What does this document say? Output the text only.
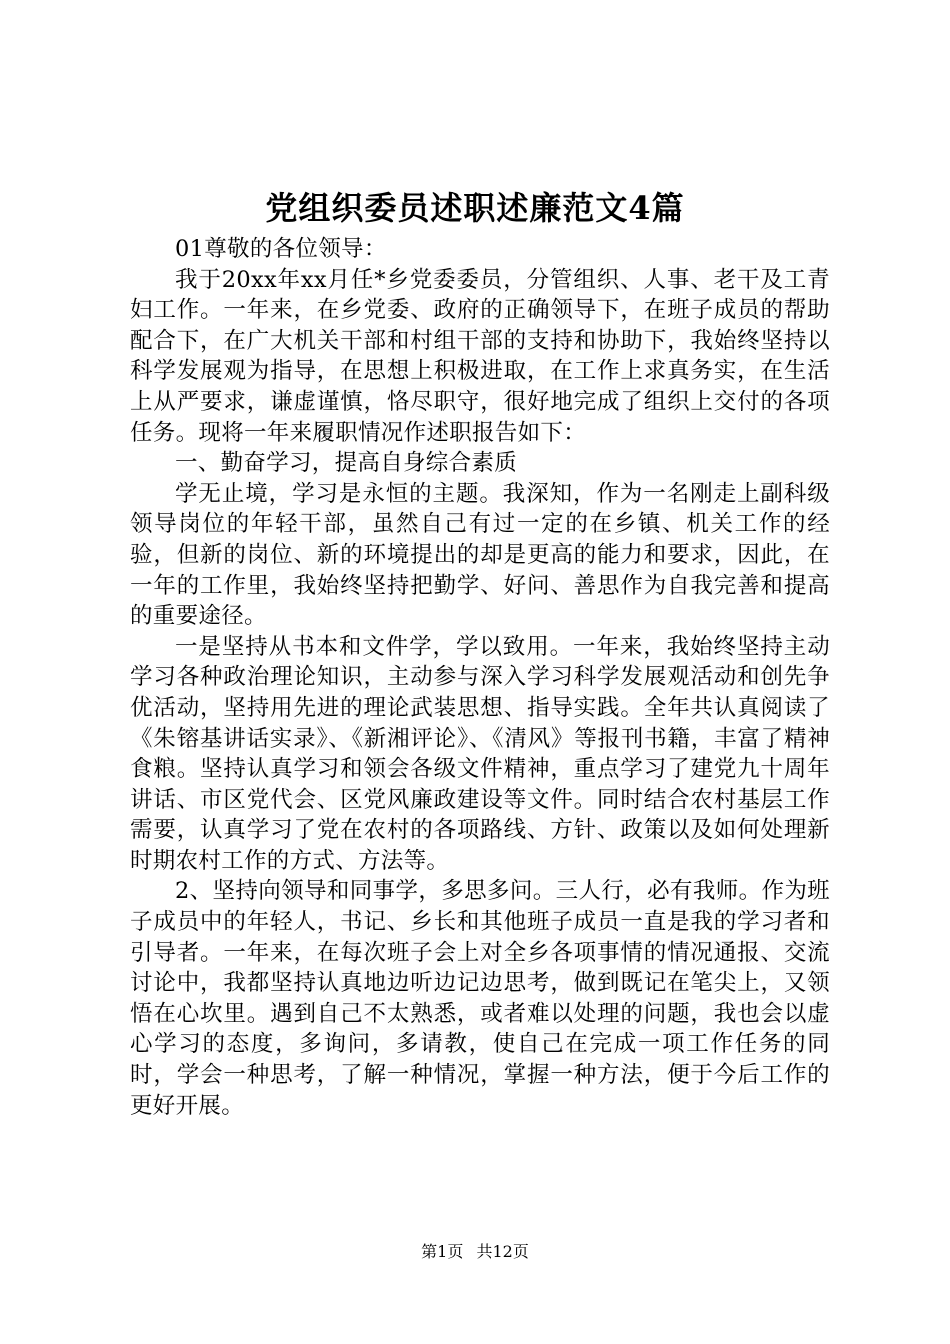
党组织委员述职述廉范文4篇

01尊敬的各位领导：

我于20xx年xx月任*乡党委委员，分管组织、人事、老干及工青妇工作。一年来，在乡党委、政府的正确领导下，在班子成员的帮助配合下，在广大机关干部和村组干部的支持和协助下，我始终坚持以科学发展观为指导，在思想上积极进取，在工作上求真务实，在生活上从严要求，谦虚谨慎，恪尽职守，很好地完成了组织上交付的各项任务。现将一年来履职情况作述职报告如下：

一、勤奋学习，提高自身综合素质

学无止境，学习是永恒的主题。我深知，作为一名刚走上副科级领导岗位的年轻干部，虽然自己有过一定的在乡镇、机关工作的经验，但新的岗位、新的环境提出的却是更高的能力和要求，因此，在一年的工作里，我始终坚持把勤学、好问、善思作为自我完善和提高的重要途径。

一是坚持从书本和文件学，学以致用。一年来，我始终坚持主动学习各种政治理论知识，主动参与深入学习科学发展观活动和创先争优活动，坚持用先进的理论武装思想、指导实践。全年共认真阅读了《朱镕基讲话实录》、《新湘评论》、《清风》等报刊书籍，丰富了精神食粮。坚持认真学习和领会各级文件精神，重点学习了建党九十周年讲话、市区党代会、区党风廉政建设等文件。同时结合农村基层工作需要，认真学习了党在农村的各项路线、方针、政策以及如何处理新时期农村工作的方式、方法等。

2、坚持向领导和同事学，多思多问。三人行，必有我师。作为班子成员中的年轻人，书记、乡长和其他班子成员一直是我的学习者和引导者。一年来，在每次班子会上对全乡各项事情的情况通报、交流讨论中，我都坚持认真地边听边记边思考，做到既记在笔尖上，又领悟在心坎里。遇到自己不太熟悉，或者难以处理的问题，我也会以虚心学习的态度，多询问，多请教，使自己在完成一项工作任务的同时，学会一种思考，了解一种情况，掌握一种方法，便于今后工作的更好开展。

第1页 共12页
